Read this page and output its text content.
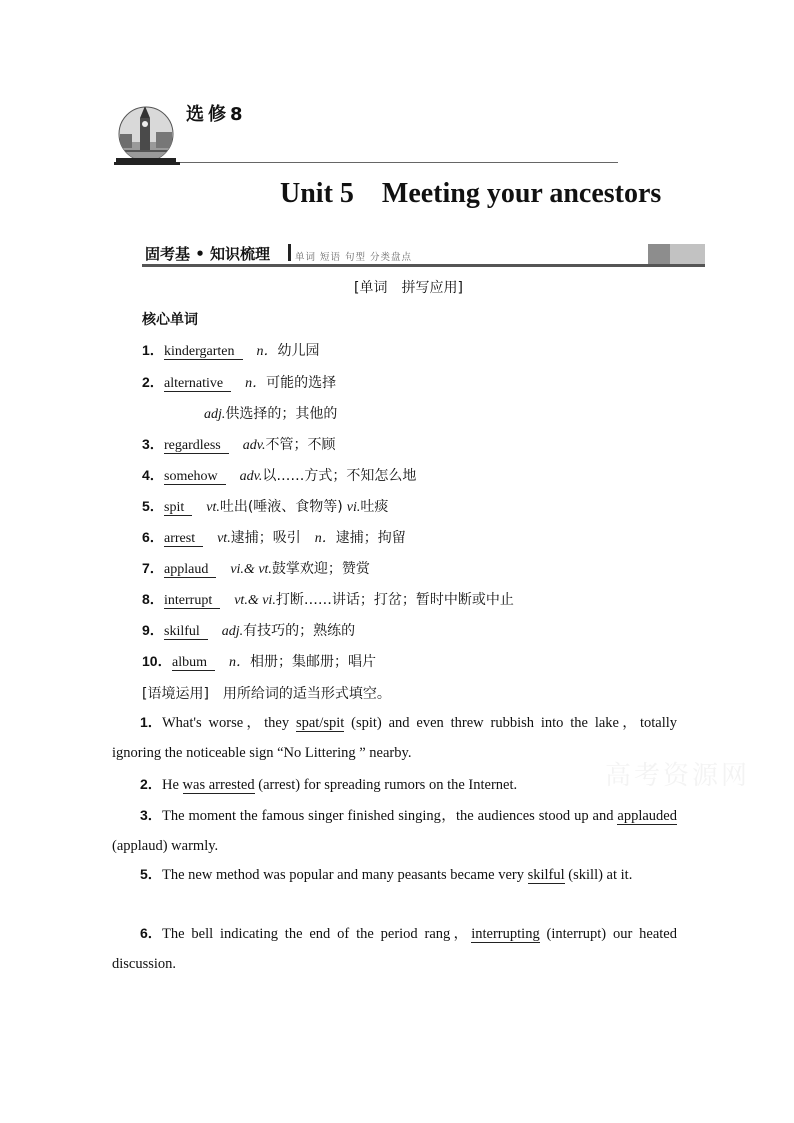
选修8
Unit 5    Meeting your ancestors
固考基 • 知识梳理	单词 短语 句型 分类盘点
[单词　拼写应用]
核心单词
1．kindergarten n．幼儿园
2．alternative n．可能的选择
adj.供选择的；其他的
3．regardless adv.不管；不顾
4．somehow adv.以……方式；不知怎么地
5．spit vt.吐出(唾液、食物等) vi.吐痰
6．arrest vt.逮捕；吸引 n．逮捕；拘留
7．applaud vi.& vt.鼓掌欢迎；赞赏
8．interrupt vt.& vi.打断……讲话；打岔；暂时中断或中止
9．skilful adj.有技巧的；熟练的
10．album n．相册；集邮册；唱片
[语境运用]　用所给词的适当形式填空。
1．What's worse，they spat/spit (spit) and even threw rubbish into the lake，totally ignoring the noticeable sign “No Littering ” nearby.
2．He was arrested (arrest) for spreading rumors on the Internet.
3．The moment the famous singer finished singing，the audiences stood up and applauded (applaud) warmly.
5．The new method was popular and many peasants became very skilful (skill) at it.
6．The bell indicating the end of the period rang，interrupting (interrupt) our heated discussion.
高考资源网
